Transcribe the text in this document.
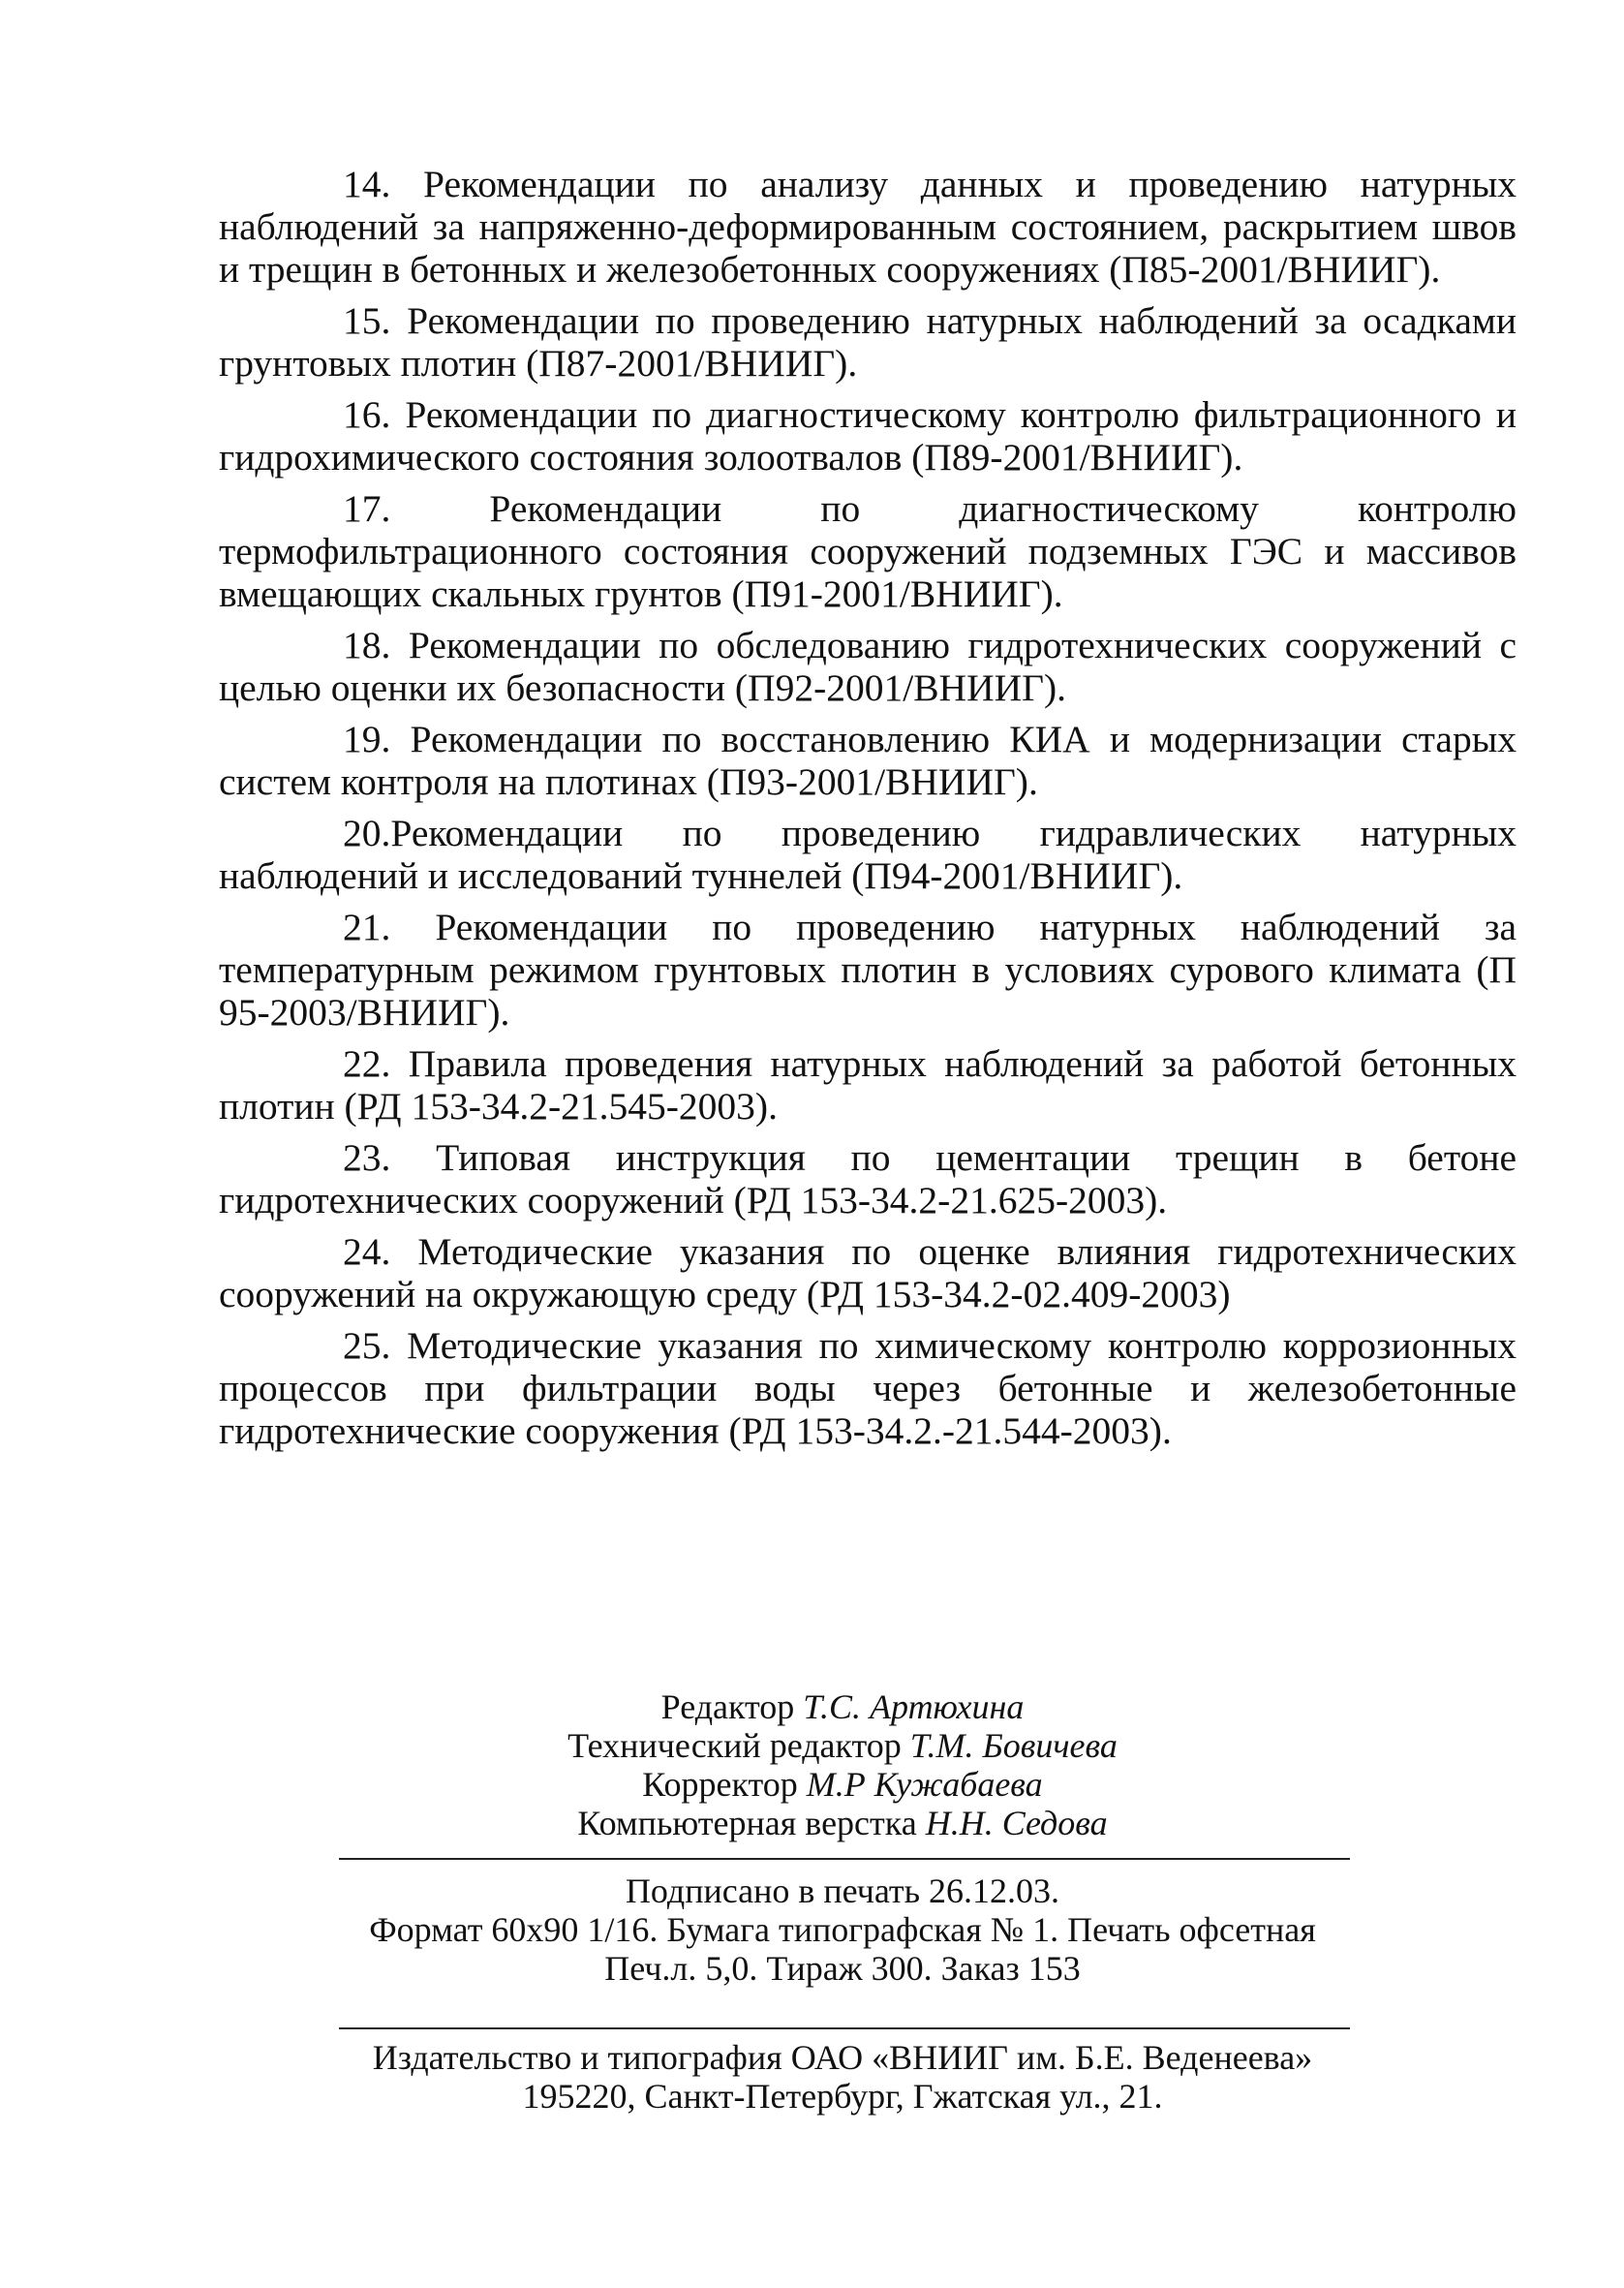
14. Рекомендации по анализу данных и проведению натурных наблюдений за напряженно-деформированным состоянием, раскрытием швов и трещин в бетонных и железобетонных сооружениях (П85-2001/ВНИИГ).

15. Рекомендации по проведению натурных наблюдений за осадками грунтовых плотин (П87-2001/ВНИИГ).

16. Рекомендации по диагностическому контролю фильтрационного и гидрохимического состояния золоотвалов (П89-2001/ВНИИГ).

17. Рекомендации по диагностическому контролю термофильтрационного состояния сооружений подземных ГЭС и массивов вмещающих скальных грунтов (П91-2001/ВНИИГ).

18. Рекомендации по обследованию гидротехнических сооружений с целью оценки их безопасности (П92-2001/ВНИИГ).

19. Рекомендации по восстановлению КИА и модернизации старых систем контроля на плотинах (П93-2001/ВНИИГ).

20.Рекомендации по проведению гидравлических натурных наблюдений и исследований туннелей (П94-2001/ВНИИГ).

21. Рекомендации по проведению натурных наблюдений за температурным режимом грунтовых плотин в условиях сурового климата (П 95-2003/ВНИИГ).

22. Правила проведения натурных наблюдений за работой бетонных плотин (РД 153-34.2-21.545-2003).

23. Типовая инструкция по цементации трещин в бетоне гидротехнических сооружений (РД 153-34.2-21.625-2003).

24. Методические указания по оценке влияния гидротехнических сооружений на окружающую среду (РД 153-34.2-02.409-2003)

25. Методические указания по химическому контролю коррозионных процессов при фильтрации воды через бетонные и железобетонные гидротехнические сооружения (РД 153-34.2.-21.544-2003).

Редактор Т.С. Артюхина
Технический редактор Т.М. Бовичева
Корректор М.Р Кужабаева
Компьютерная верстка Н.Н. Седова
Подписано в печать 26.12.03.
Формат 60х90 1/16. Бумага типографская № 1. Печать офсетная
Печ.л. 5,0. Тираж 300. Заказ 153
Издательство и типография ОАО «ВНИИГ им. Б.Е. Веденеева»
195220, Санкт-Петербург, Гжатская ул., 21.
